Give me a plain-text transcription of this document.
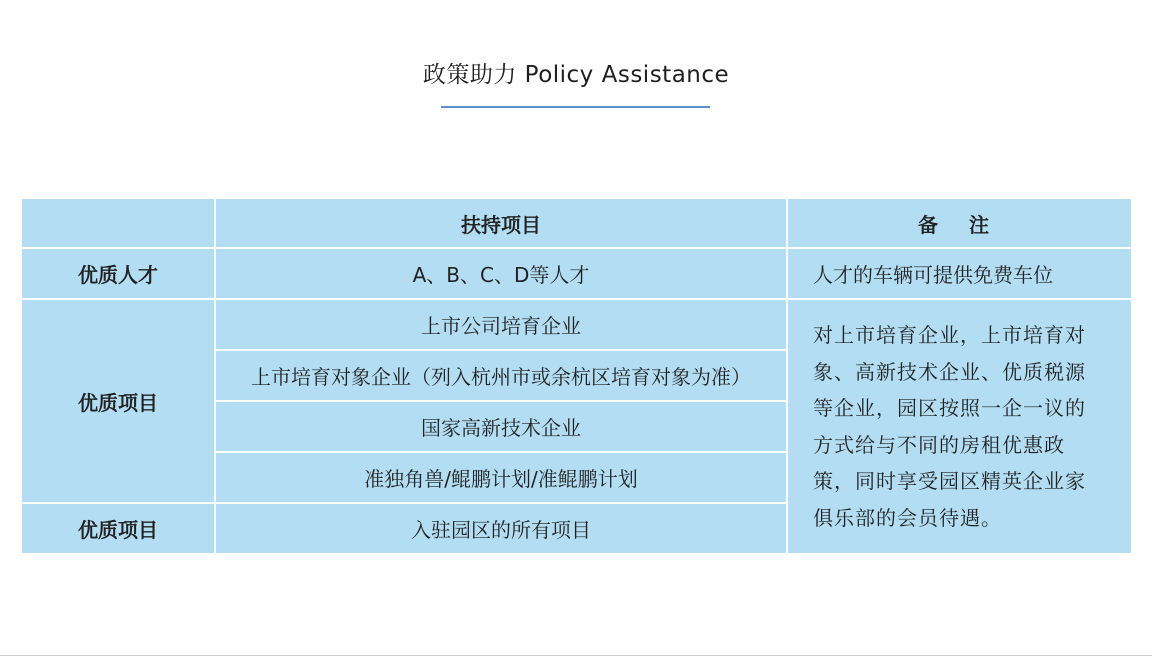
政策助力 Policy Assistance
	扶持项目	备 注
优质人才	A、B、C、D等人才	人才的车辆可提供免费车位
优质项目	上市公司培育企业	对上市培育企业，上市培育对象、高新技术企业、优质税源等企业，园区按照一企一议的方式给与不同的房租优惠政策，同时享受园区精英企业家俱乐部的会员待遇。
	上市培育对象企业（列入杭州市或余杭区培育对象为准）	
	国家高新技术企业	
	准独角兽/鲲鹏计划/准鲲鹏计划	
优质项目	入驻园区的所有项目	
